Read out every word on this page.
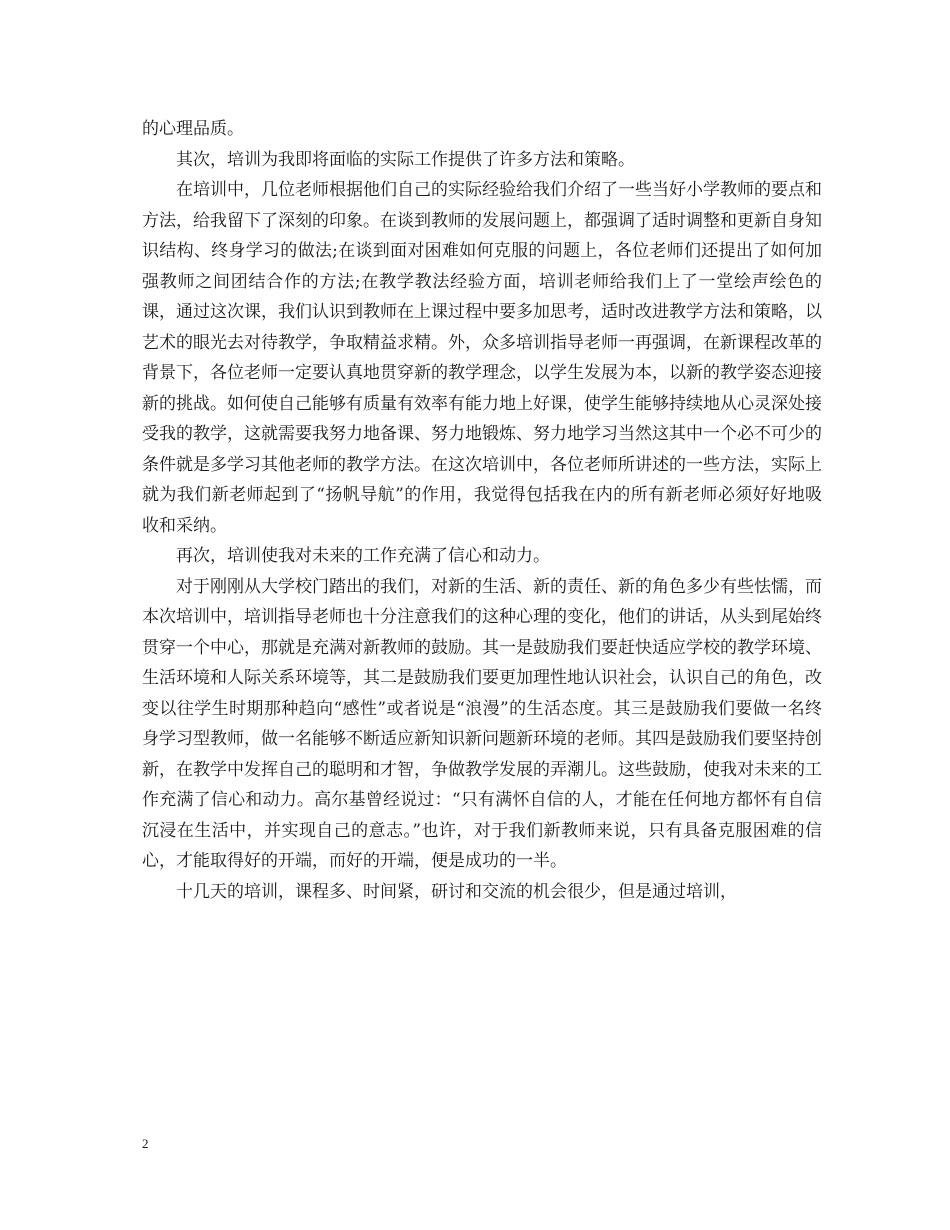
的心理品质。

其次，培训为我即将面临的实际工作提供了许多方法和策略。

在培训中，几位老师根据他们自己的实际经验给我们介绍了一些当好小学教师的要点和方法，给我留下了深刻的印象。在谈到教师的发展问题上，都强调了适时调整和更新自身知识结构、终身学习的做法;在谈到面对困难如何克服的问题上，各位老师们还提出了如何加强教师之间团结合作的方法;在教学教法经验方面，培训老师给我们上了一堂绘声绘色的课，通过这次课，我们认识到教师在上课过程中要多加思考，适时改进教学方法和策略，以艺术的眼光去对待教学，争取精益求精。外，众多培训指导老师一再强调，在新课程改革的背景下，各位老师一定要认真地贯穿新的教学理念，以学生发展为本，以新的教学姿态迎接新的挑战。如何使自己能够有质量有效率有能力地上好课，使学生能够持续地从心灵深处接受我的教学，这就需要我努力地备课、努力地锻炼、努力地学习当然这其中一个必不可少的条件就是多学习其他老师的教学方法。在这次培训中，各位老师所讲述的一些方法，实际上就为我们新老师起到了“扬帆导航”的作用，我觉得包括我在内的所有新老师必须好好地吸收和采纳。

再次，培训使我对未来的工作充满了信心和动力。

对于刚刚从大学校门踏出的我们，对新的生活、新的责任、新的角色多少有些怯懦，而本次培训中，培训指导老师也十分注意我们的这种心理的变化，他们的讲话，从头到尾始终贯穿一个中心，那就是充满对新教师的鼓励。其一是鼓励我们要赶快适应学校的教学环境、生活环境和人际关系环境等，其二是鼓励我们要更加理性地认识社会，认识自己的角色，改变以往学生时期那种趋向“感性”或者说是“浪漫”的生活态度。其三是鼓励我们要做一名终身学习型教师，做一名能够不断适应新知识新问题新环境的老师。其四是鼓励我们要坚持创新，在教学中发挥自己的聪明和才智，争做教学发展的弄潮儿。这些鼓励，使我对未来的工作充满了信心和动力。高尔基曾经说过：“只有满怀自信的人，才能在任何地方都怀有自信沉浸在生活中，并实现自己的意志。”也许，对于我们新教师来说，只有具备克服困难的信心，才能取得好的开端，而好的开端，便是成功的一半。

十几天的培训，课程多、时间紧，研讨和交流的机会很少，但是通过培训，

2
